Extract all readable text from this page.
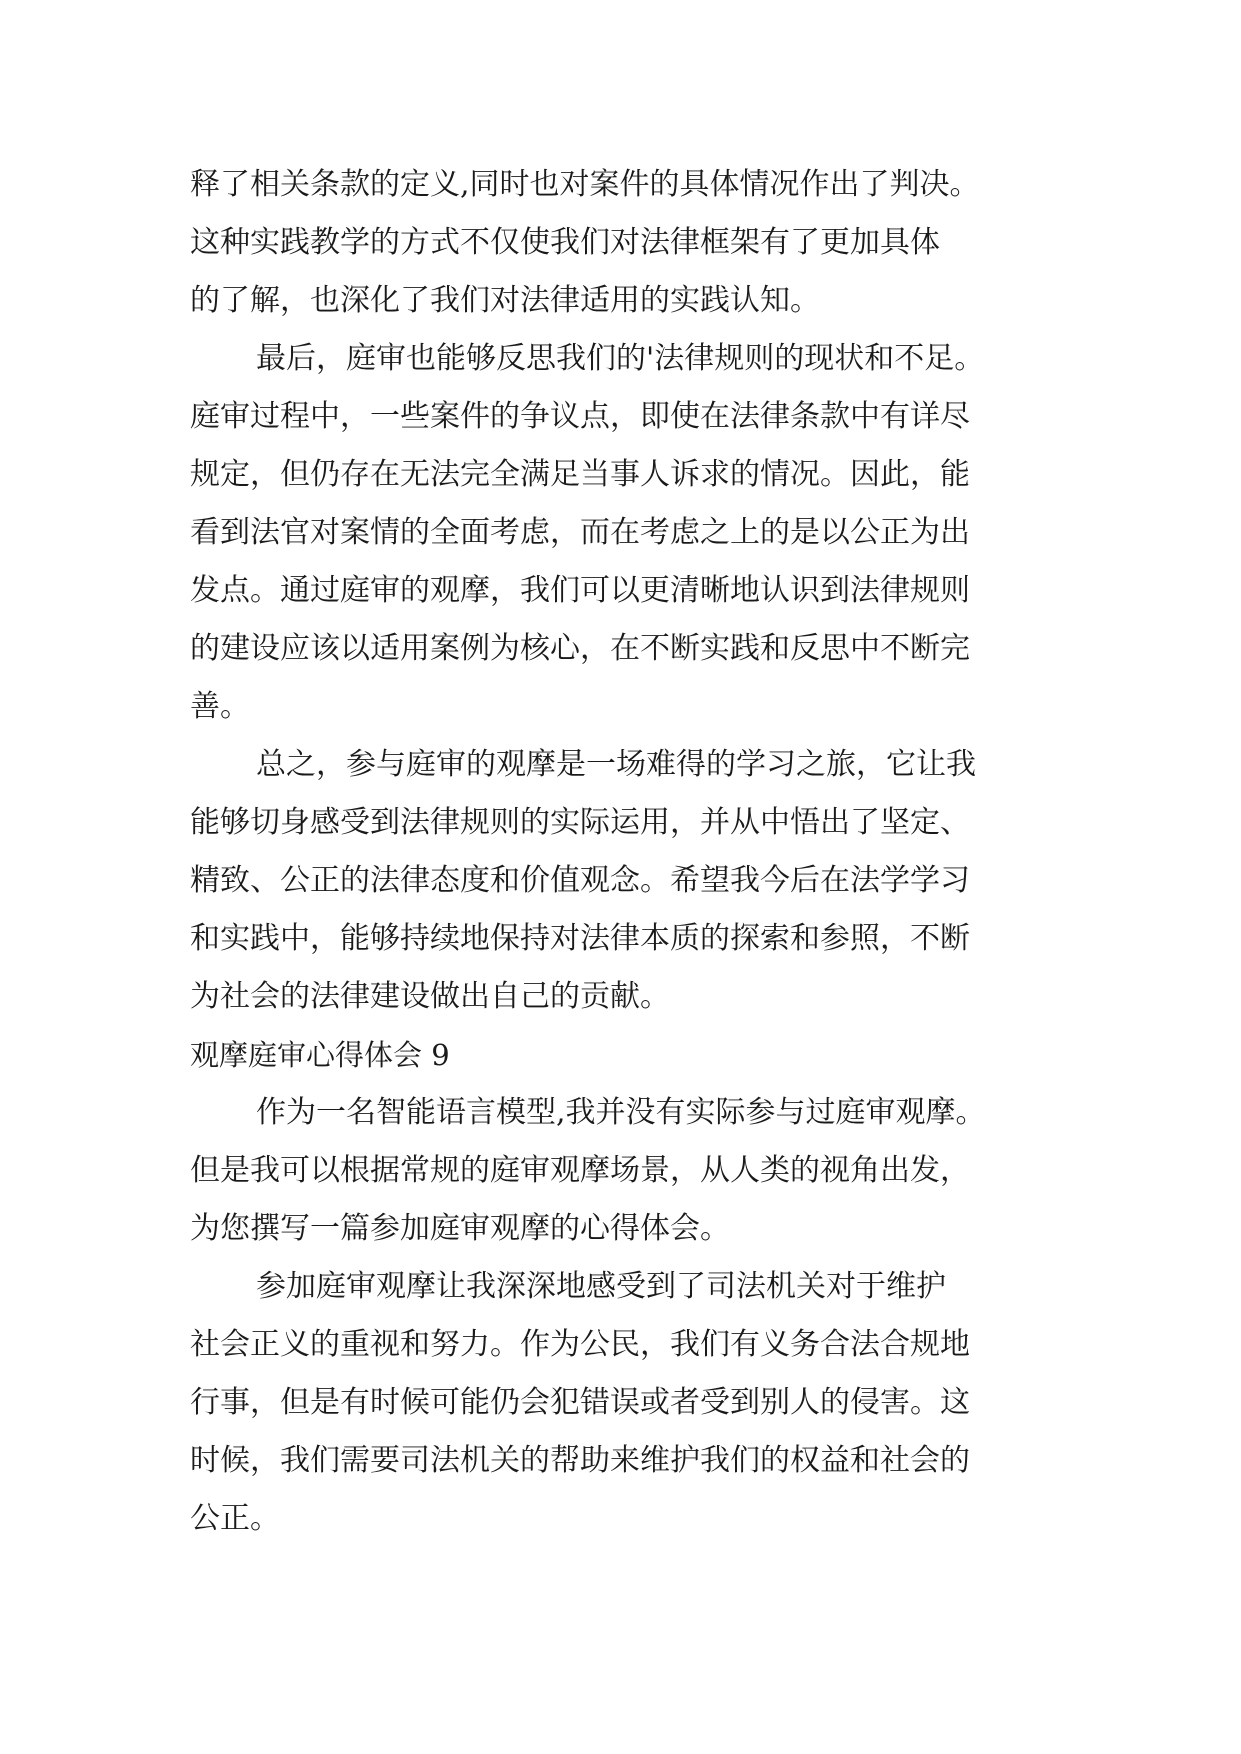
释了相关条款的定义,同时也对案件的具体情况作出了判决。
这种实践教学的方式不仅使我们对法律框架有了更加具体
的了解，也深化了我们对法律适用的实践认知。
最后，庭审也能够反思我们的'法律规则的现状和不足。
庭审过程中，一些案件的争议点，即使在法律条款中有详尽
规定，但仍存在无法完全满足当事人诉求的情况。因此，能
看到法官对案情的全面考虑，而在考虑之上的是以公正为出
发点。通过庭审的观摩，我们可以更清晰地认识到法律规则
的建设应该以适用案例为核心，在不断实践和反思中不断完
善。
总之，参与庭审的观摩是一场难得的学习之旅，它让我
能够切身感受到法律规则的实际运用，并从中悟出了坚定、
精致、公正的法律态度和价值观念。希望我今后在法学学习
和实践中，能够持续地保持对法律本质的探索和参照，不断
为社会的法律建设做出自己的贡献。
观摩庭审心得体会 9
作为一名智能语言模型,我并没有实际参与过庭审观摩。
但是我可以根据常规的庭审观摩场景，从人类的视角出发，
为您撰写一篇参加庭审观摩的心得体会。
参加庭审观摩让我深深地感受到了司法机关对于维护
社会正义的重视和努力。作为公民，我们有义务合法合规地
行事，但是有时候可能仍会犯错误或者受到别人的侵害。这
时候，我们需要司法机关的帮助来维护我们的权益和社会的
公正。
